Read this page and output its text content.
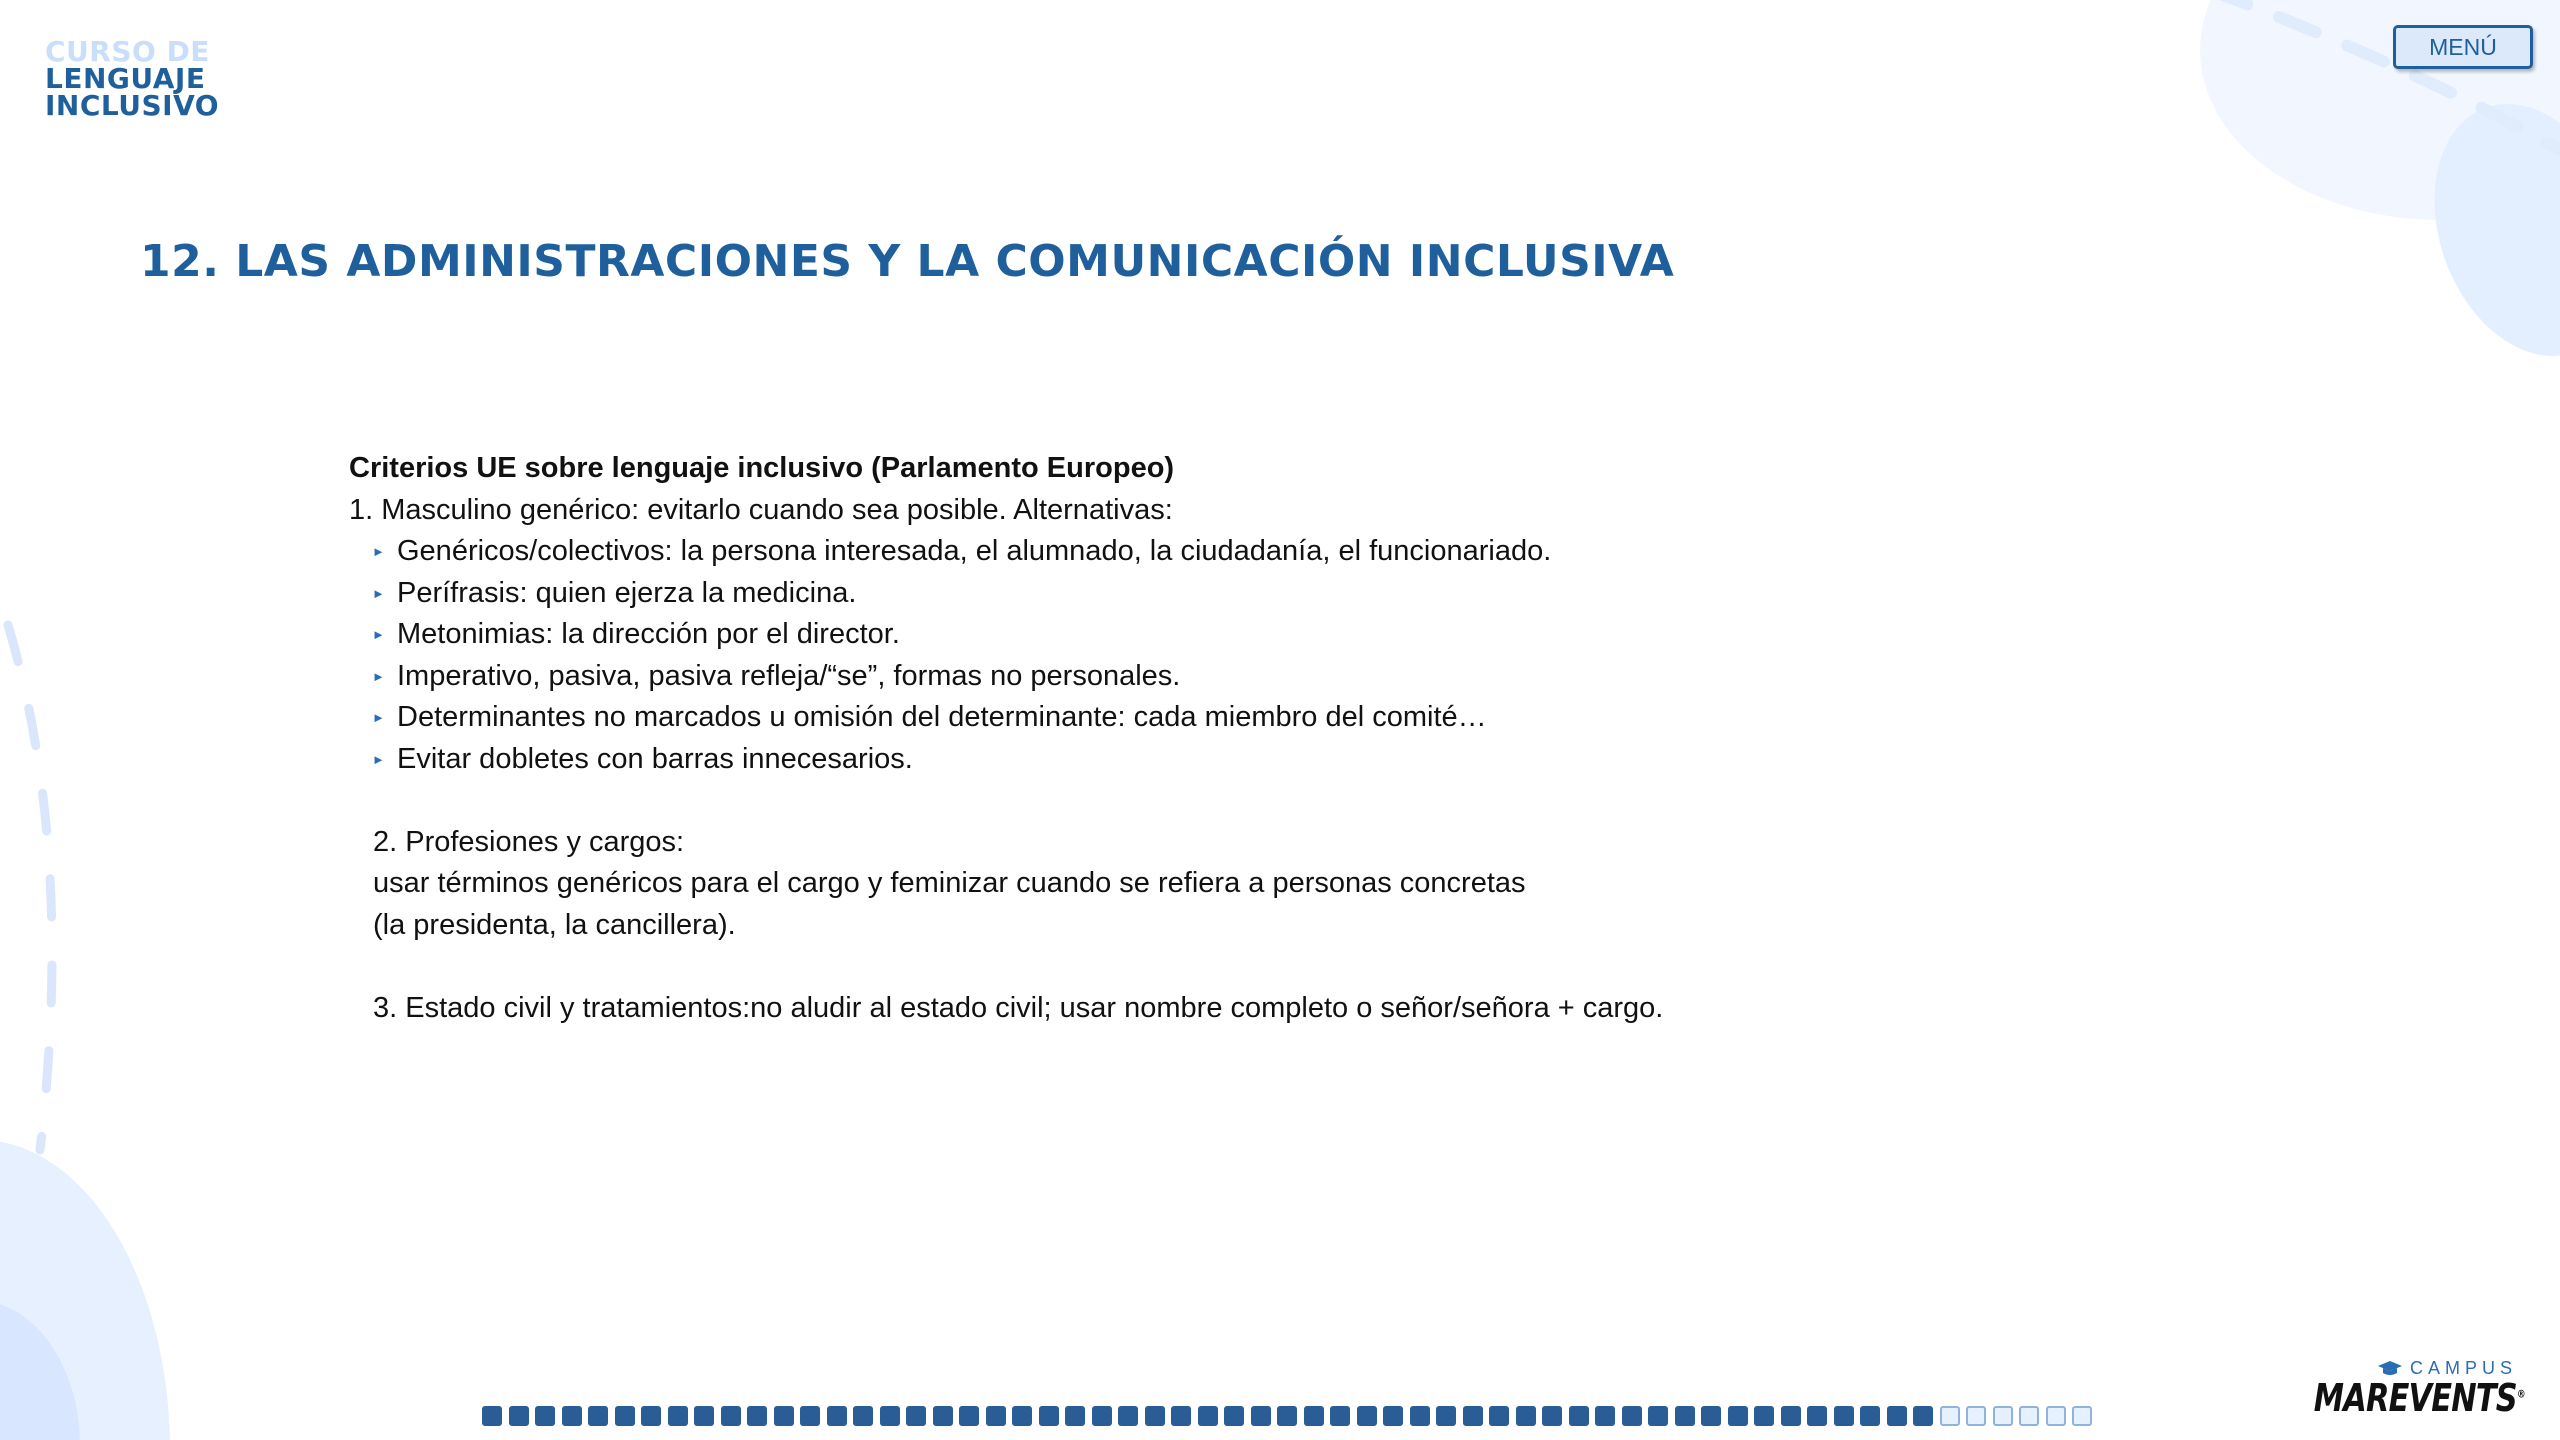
CURSO DE
LENGUAJE
INCLUSIVO
MENÚ
12. LAS ADMINISTRACIONES Y LA COMUNICACIÓN INCLUSIVA

Criterios UE sobre lenguaje inclusivo (Parlamento Europeo)

1. Masculino genérico: evitarlo cuando sea posible. Alternativas:

► Genéricos/colectivos: la persona interesada, el alumnado, la ciudadanía, el funcionariado.

► Perífrasis: quien ejerza la medicina.

► Metonimias: la dirección por el director.

► Imperativo, pasiva, pasiva refleja/“se”, formas no personales.

► Determinantes no marcados u omisión del determinante: cada miembro del comité…

► Evitar dobletes con barras innecesarios.

2. Profesiones y cargos:

usar términos genéricos para el cargo y feminizar cuando se refiera a personas concretas

(la presidenta, la cancillera).

3. Estado civil y tratamientos:no aludir al estado civil; usar nombre completo o señor/señora + cargo.

CAMPUS
MAREVENTS®
